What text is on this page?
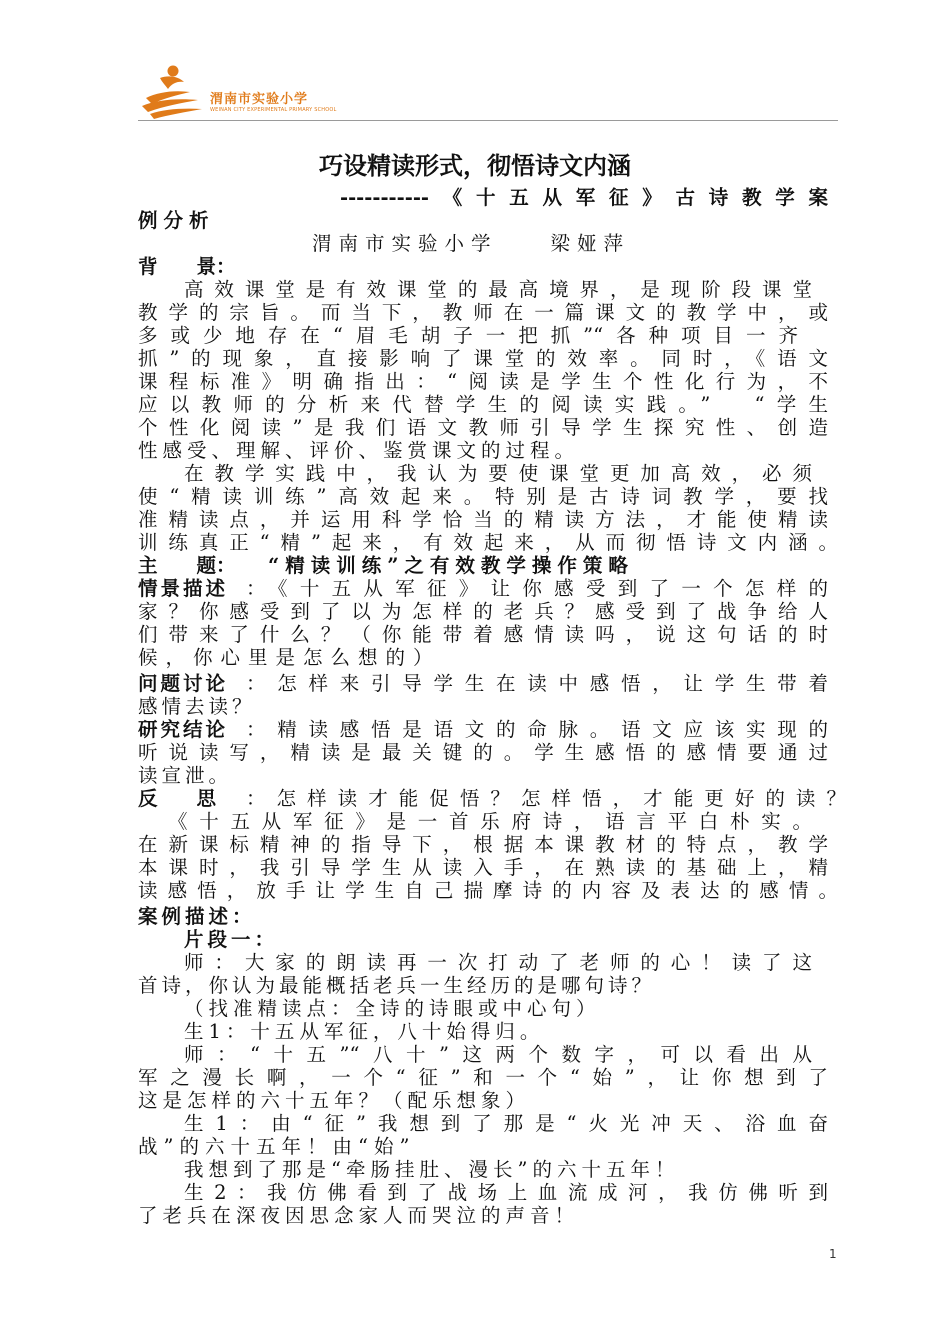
渭南市实验小学
WEINAN CITY EXPERIMENTAL PRIMARY SCHOOL
巧设精读形式，彻悟诗文内涵
-----------《十五从军征》古诗教学案
例分析
渭南市实验小学　　梁娅萍
背　　景：
高效课堂是有效课堂的最高境界，是现阶段课堂
教学的宗旨。而当下，教师在一篇课文的教学中，或
多或少地存在“眉毛胡子一把抓”“各种项目一齐
抓”的现象，直接影响了课堂的效率。同时，《语文
课程标准》明确指出：“阅读是学生个性化行为，不
应以教师的分析来代替学生的阅读实践。”　“学生
个性化阅读”是我们语文教师引导学生探究性、创造
性感受、理解、评价、鉴赏课文的过程。
在教学实践中，我认为要使课堂更加高效，必须
使“精读训练”高效起来。特别是古诗词教学，要找
准精读点，并运用科学恰当的精读方法，才能使精读
训练真正“精”起来，有效起来，从而彻悟诗文内涵。
主　　题： “精读训练”之有效教学操作策略
情景描述 ：《十五从军征》让你感受到了一个怎样的
家？你感受到了以为怎样的老兵？感受到了战争给人
们带来了什么？（你能带着感情读吗，说这句话的时
候，你心里是怎么想的）
问题讨论 ：怎样来引导学生在读中感悟，让学生带着
感情去读？
研究结论 ：精读感悟是语文的命脉。语文应该实现的
听说读写，精读是最关键的。学生感悟的感情要通过
读宣泄。
反　　思 ：怎样读才能促悟？怎样悟，才能更好的读？
《十五从军征》是一首乐府诗，语言平白朴实。
在新课标精神的指导下，根据本课教材的特点，教学
本课时，我引导学生从读入手，在熟读的基础上，精
读感悟，放手让学生自己揣摩诗的内容及表达的感情。
案例描述：
片段一：
师：大家的朗读再一次打动了老师的心！读了这
首诗，你认为最能概括老兵一生经历的是哪句诗？
（找准精读点：全诗的诗眼或中心句）
生1：十五从军征，八十始得归。
师：“十五”“八十”这两个数字，可以看出从
军之漫长啊，一个“征”和一个“始”，让你想到了
这是怎样的六十五年？（配乐想象）
生1：由“征”我想到了那是“火光冲天、浴血奋
战”的六十五年！由“始”
我想到了那是“牵肠挂肚、漫长”的六十五年！
生2：我仿佛看到了战场上血流成河，我仿佛听到
了老兵在深夜因思念家人而哭泣的声音！
1
